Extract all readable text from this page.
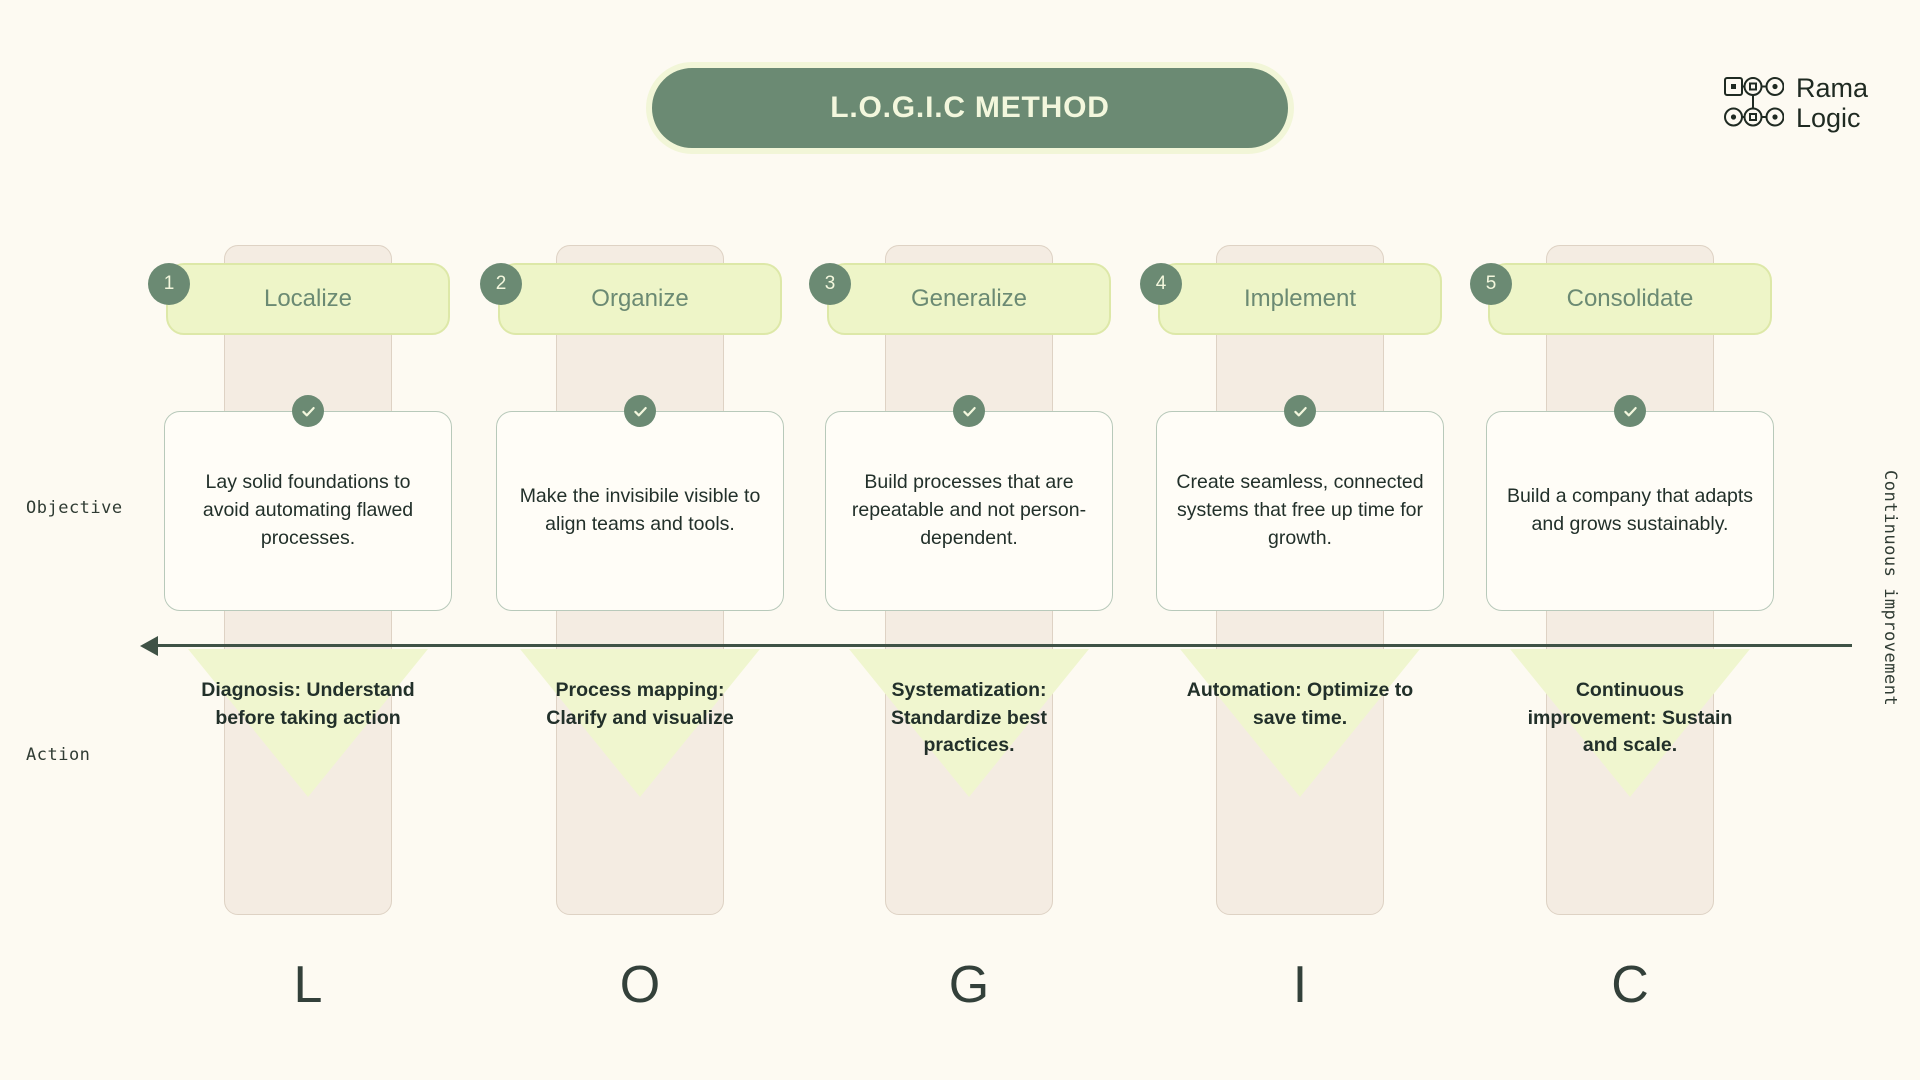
L.O.G.I.C METHOD
Rama
Logic
Objective
Action
Continuous improvement
Localize
1

Lay solid foundations to avoid automating flawed processes.

Diagnosis: Understand before taking action
Organize
2

Make the invisibile visible to align teams and tools.

Process mapping: Clarify and visualize
Generalize
3

Build processes that are repeatable and not person-dependent.

Systematization: Standardize best practices.
Implement
4

Create seamless, connected systems that free up time for growth.

Automation: Optimize to save time.
Consolidate
5

Build a company that adapts and grows sustainably.

Continuous improvement: Sustain and scale.
L	O	G	I	C
